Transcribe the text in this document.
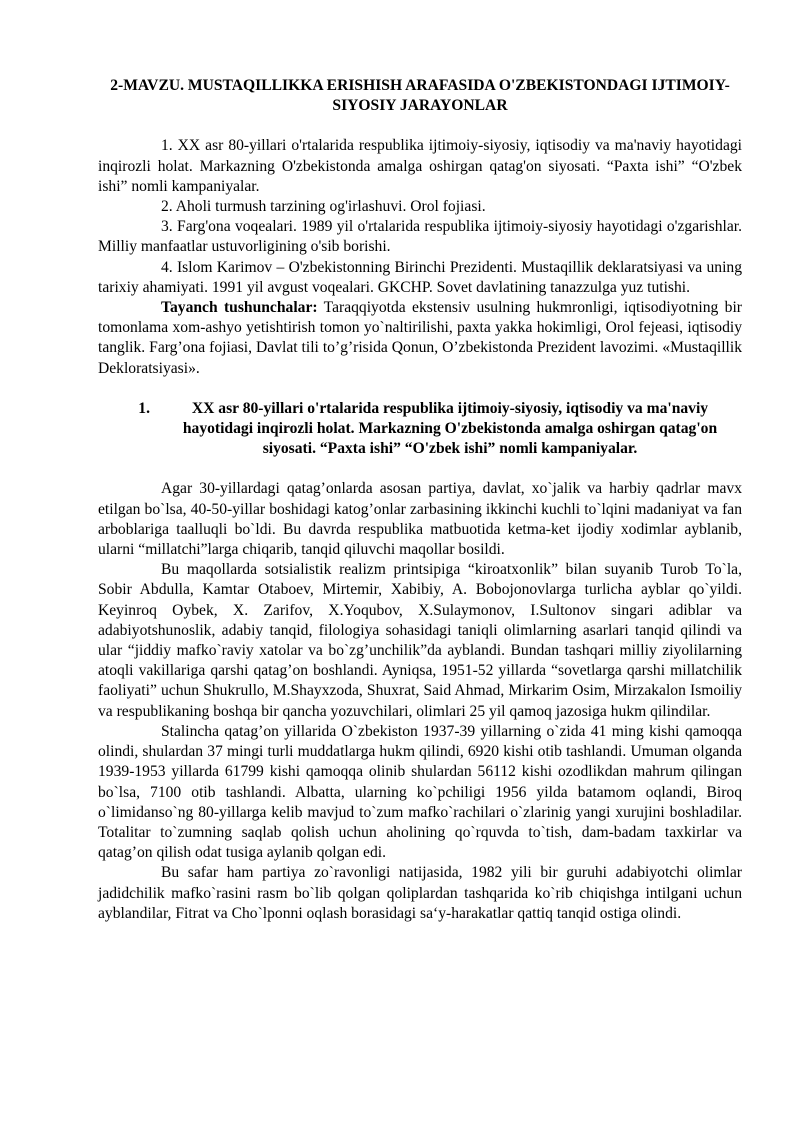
2-MAVZU. MUSTAQILLIKKA ERISHISH ARAFASIDA O'ZBEKISTONDAGI IJTIMOIY-SIYOSIY JARAYONLAR

1. XX asr 80-yillari o'rtalarida respublika ijtimoiy-siyosiy, iqtisodiy va ma'naviy hayotidagi inqirozli holat. Markazning O'zbekistonda amalga oshirgan qatag'on siyosati. “Paxta ishi” “O'zbek ishi” nomli kampaniyalar.

2. Aholi turmush tarzining og'irlashuvi. Orol fojiasi.

3. Farg'ona voqealari. 1989 yil o'rtalarida respublika ijtimoiy-siyosiy hayotidagi o'zgarishlar. Milliy manfaatlar ustuvorligining o'sib borishi.

4. Islom Karimov – O'zbekistonning Birinchi Prezidenti. Mustaqillik deklaratsiyasi va uning tarixiy ahamiyati. 1991 yil avgust voqealari. GKCHP. Sovet davlatining tanazzulga yuz tutishi.

Tayanch tushunchalar: Taraqqiyotda ekstensiv usulning hukmronligi, iqtisodiyotning bir tomonlama xom-ashyo yetishtirish tomon yo`naltirilishi, paxta yakka hokimligi, Orol fejeasi, iqtisodiy tanglik. Farg’ona fojiasi, Davlat tili to’g’risida Qonun, O’zbekistonda Prezident lavozimi. «Mustaqillik Dekloratsiyasi».

1.	XX asr 80-yillari o'rtalarida respublika ijtimoiy-siyosiy, iqtisodiy va ma'naviy hayotidagi inqirozli holat. Markazning O'zbekistonda amalga oshirgan qatag'on siyosati. “Paxta ishi” “O'zbek ishi” nomli kampaniyalar.

Agar 30-yillardagi qatag’onlarda asosan partiya, davlat, xo`jalik va harbiy qadrlar mavx etilgan bo`lsa, 40-50-yillar boshidagi katog’onlar zarbasining ikkinchi kuchli to`lqini madaniyat va fan arboblariga taalluqli bo`ldi. Bu davrda respublika matbuotida ketma-ket ijodiy xodimlar ayblanib, ularni “millatchi”larga chiqarib, tanqid qiluvchi maqollar bosildi.

Bu maqollarda sotsialistik realizm printsipiga “kiroatxonlik” bilan suyanib Turob To`la, Sobir Abdulla, Kamtar Otaboev, Mirtemir, Xabibiy, A. Bobojonovlarga turlicha ayblar qo`yildi. Keyinroq Oybek, X. Zarifov, X.Yoqubov, X.Sulaymonov, I.Sultonov singari adiblar va adabiyotshunoslik, adabiy tanqid, filologiya sohasidagi taniqli olimlarning asarlari tanqid qilindi va ular “jiddiy mafko`raviy xatolar va bo`zg’unchilik”da ayblandi. Bundan tashqari milliy ziyolilarning atoqli vakillariga qarshi qatag’on boshlandi. Ayniqsa, 1951-52 yillarda “sovetlarga qarshi millatchilik faoliyati” uchun Shukrullo, M.Shayxzoda, Shuxrat, Said Ahmad, Mirkarim Osim, Mirzakalon Ismoiliy va respublikaning boshqa bir qancha yozuvchilari, olimlari 25 yil qamoq jazosiga hukm qilindilar.

Stalincha qatag’on yillarida O`zbekiston 1937-39 yillarning o`zida 41 ming kishi qamoqqa olindi, shulardan 37 mingi turli muddatlarga hukm qilindi, 6920 kishi otib tashlandi. Umuman olganda 1939-1953 yillarda 61799 kishi qamoqqa olinib shulardan 56112 kishi ozodlikdan mahrum qilingan bo`lsa, 7100 otib tashlandi. Albatta, ularning ko`pchiligi 1956 yilda batamom oqlandi, Biroq o`limidanso`ng 80-yillarga kelib mavjud to`zum mafko`rachilari o`zlarinig yangi xurujini boshladilar. Totalitar to`zumning saqlab qolish uchun aholining qo`rquvda to`tish, dam-badam taxkirlar va qatag’on qilish odat tusiga aylanib qolgan edi.

Bu safar ham partiya zo`ravonligi natijasida, 1982 yili bir guruhi adabiyotchi olimlar jadidchilik mafko`rasini rasm bo`lib qolgan qoliplardan tashqarida ko`rib chiqishga intilgani uchun ayblandilar, Fitrat va Cho`lponni oqlash borasidagi sa‘y-harakatlar qattiq tanqid ostiga olindi.
